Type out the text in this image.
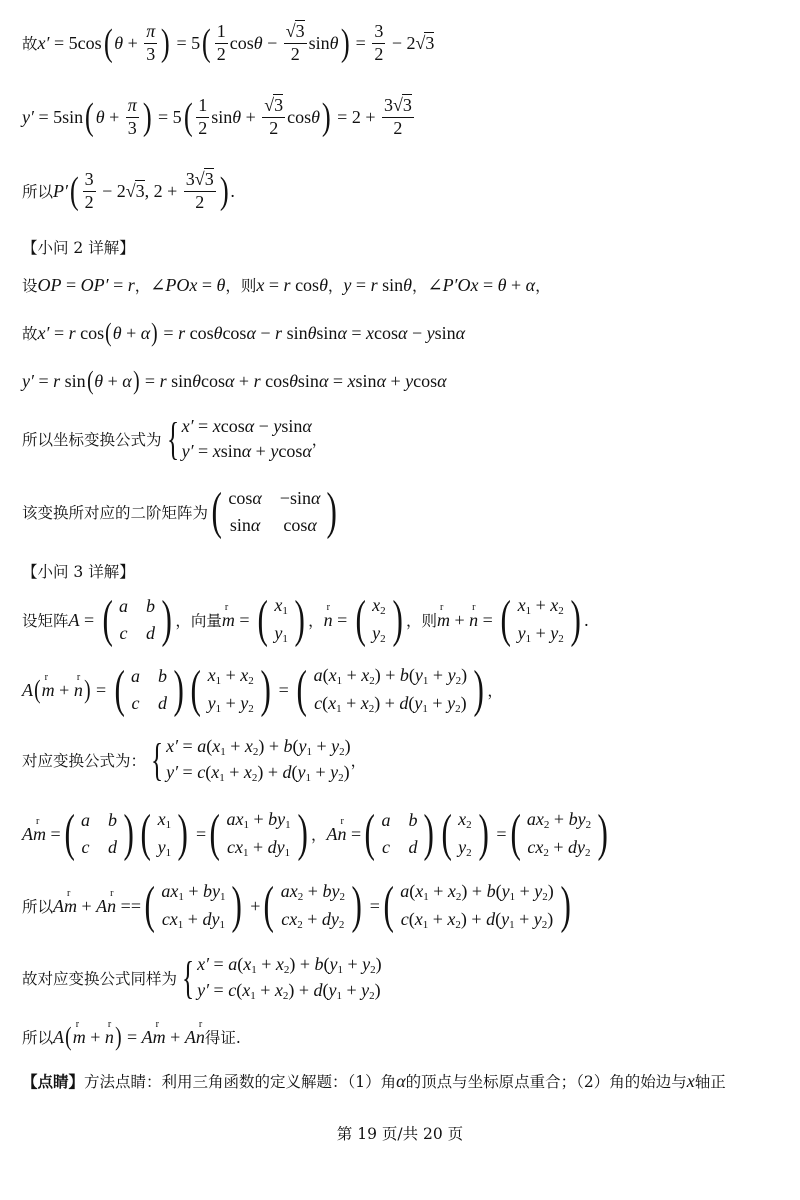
故 x′ = 5cos ( $\theta + \frac{\pi}{3}$ ) = 5 ( $\frac{1}{2}$ $\cos \theta - \frac{√3}{2}$ sin θ ) = $\frac{3}{2} - 2√$ 3
y′ = 5sin ( $\theta + \frac{\pi}{3}$ ) = 5 ( $\frac{1}{2}$ $\sin \theta + \frac{√3}{2}$ cos θ ) = $2 + \frac{3√3}{2}$
所以 P′ ( $\frac{3}{2} - 2√$ 3 , $2 + \frac{3√3}{2}$ ) .
【小问 2 详解】
设 OP = OP′ = r ， ∠ POx = θ ，则 x = r cos θ ， y = r sin θ ， ∠ P′Ox = θ + α ，
故 x′ = r cos ( θ + α ) = r cos θ cos α − r sin θ sin α = x cos α − y sin α
y′ = r sin ( θ + α ) = r sin θ cos α + r cos θ sin α = x sin α + y cos α
所以坐标变换公式为 { x′ = xcosα − ysinα
y′ = xsinα + ycosα
，
该变换所对应的二阶矩阵为 ( cosα −sinα
sinα cosα )
【小问 3 详解】
设矩阵 A = ( a b
c d ) ，向量 r m = ( $x_1$
$y_1$ ) ， r n = ( $x_2$
$y_2$ ) ，则 r m + r n = ( $x_1 + x_2$
$y_1 + y_2$ ) .
A ( r m + r n ) = ( a b
c d ) ( $x_1 + x_2$
$y_1 + y_2$ ) = ( $a(x_1 + x_2) + b(y_1 + y_2)$
$c(x_1 + x_2) + d(y_1 + y_2)$ ) ，
对应变换公式为： { $x' = a(x_1 + x_2) + b(y_1 + y_2)$
$y' = c(x_1 + x_2) + d(y_1 + y_2)$
，
A r m = ( a b
c d ) ( $x_1$
$y_1$ ) = ( $ax_1 + by_1$
$cx_1 + dy_1$ ) ， A r n = ( a b
c d ) ( $x_2$
$y_2$ ) = ( $ax_2 + by_2$
$cx_2 + dy_2$ )
所以 A r m + A r n == ( $ax_1 + by_1$
$cx_1 + dy_1$ ) + ( $ax_2 + by_2$
$cx_2 + dy_2$ ) = ( $a(x_1 + x_2) + b(y_1 + y_2)$
$c(x_1 + x_2) + d(y_1 + y_2)$ )
故对应变换公式同样为 { $x' = a(x_1 + x_2) + b(y_1 + y_2)$
$y' = c(x_1 + x_2) + d(y_1 + y_2)$
所以 A ( r m + r n ) = A r m + A r n 得证.
【点睛】 方法点睛：利用三角函数的定义解题：（1）角 α 的顶点与坐标原点重合；（2）角的始边与 x 轴正
第 19 页/共 20 页
